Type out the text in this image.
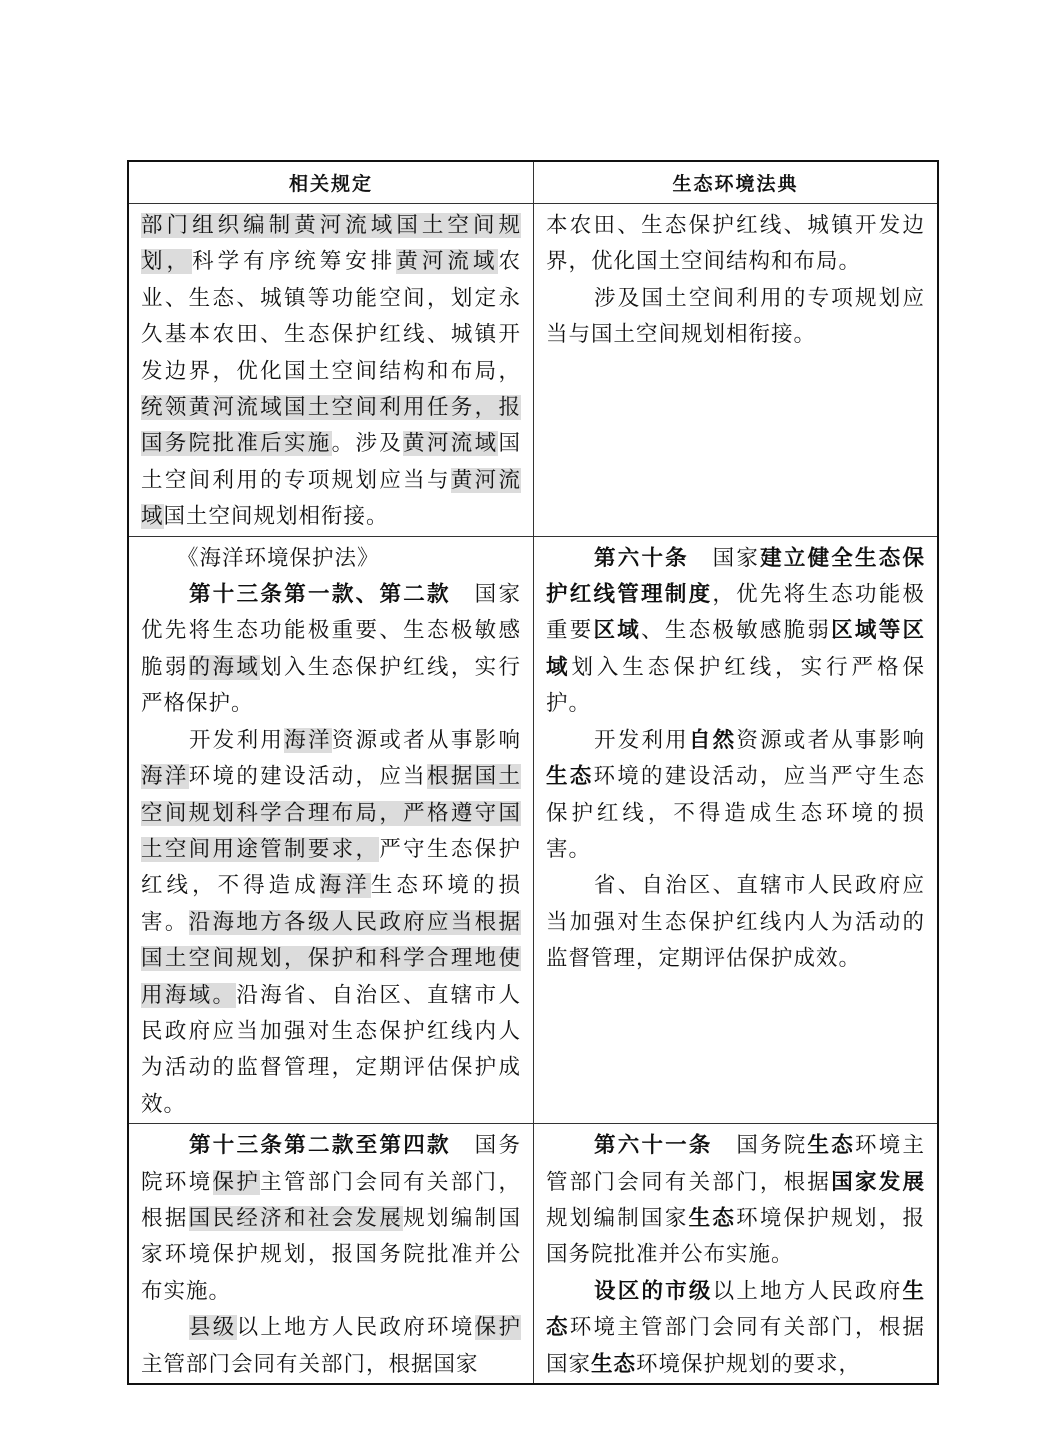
相关规定	生态环境法典

部门组织编制黄河流域国土空间规划，科学有序统筹安排黄河流域农业、生态、城镇等功能空间，划定永久基本农田、生态保护红线、城镇开发边界，优化国土空间结构和布局，统领黄河流域国土空间利用任务，报国务院批准后实施。涉及黄河流域国土空间利用的专项规划应当与黄河流域国土空间规划相衔接。

本农田、生态保护红线、城镇开发边界，优化国土空间结构和布局。

涉及国土空间利用的专项规划应当与国土空间规划相衔接。

《海洋环境保护法》

第十三条第一款、第二款　国家优先将生态功能极重要、生态极敏感脆弱的海域划入生态保护红线，实行严格保护。

开发利用海洋资源或者从事影响海洋环境的建设活动，应当根据国土空间规划科学合理布局，严格遵守国土空间用途管制要求，严守生态保护红线，不得造成海洋生态环境的损害。沿海地方各级人民政府应当根据国土空间规划，保护和科学合理地使用海域。沿海省、自治区、直辖市人民政府应当加强对生态保护红线内人为活动的监督管理，定期评估保护成效。

第六十条　国家建立健全生态保护红线管理制度，优先将生态功能极重要区域、生态极敏感脆弱区域等区域划入生态保护红线，实行严格保护。

开发利用自然资源或者从事影响生态环境的建设活动，应当严守生态保护红线，不得造成生态环境的损害。

省、自治区、直辖市人民政府应当加强对生态保护红线内人为活动的监督管理，定期评估保护成效。

第十三条第二款至第四款　国务院环境保护主管部门会同有关部门，根据国民经济和社会发展规划编制国家环境保护规划，报国务院批准并公布实施。

县级以上地方人民政府环境保护主管部门会同有关部门，根据国家

第六十一条　国务院生态环境主管部门会同有关部门，根据国家发展规划编制国家生态环境保护规划，报国务院批准并公布实施。

设区的市级以上地方人民政府生态环境主管部门会同有关部门，根据国家生态环境保护规划的要求，
